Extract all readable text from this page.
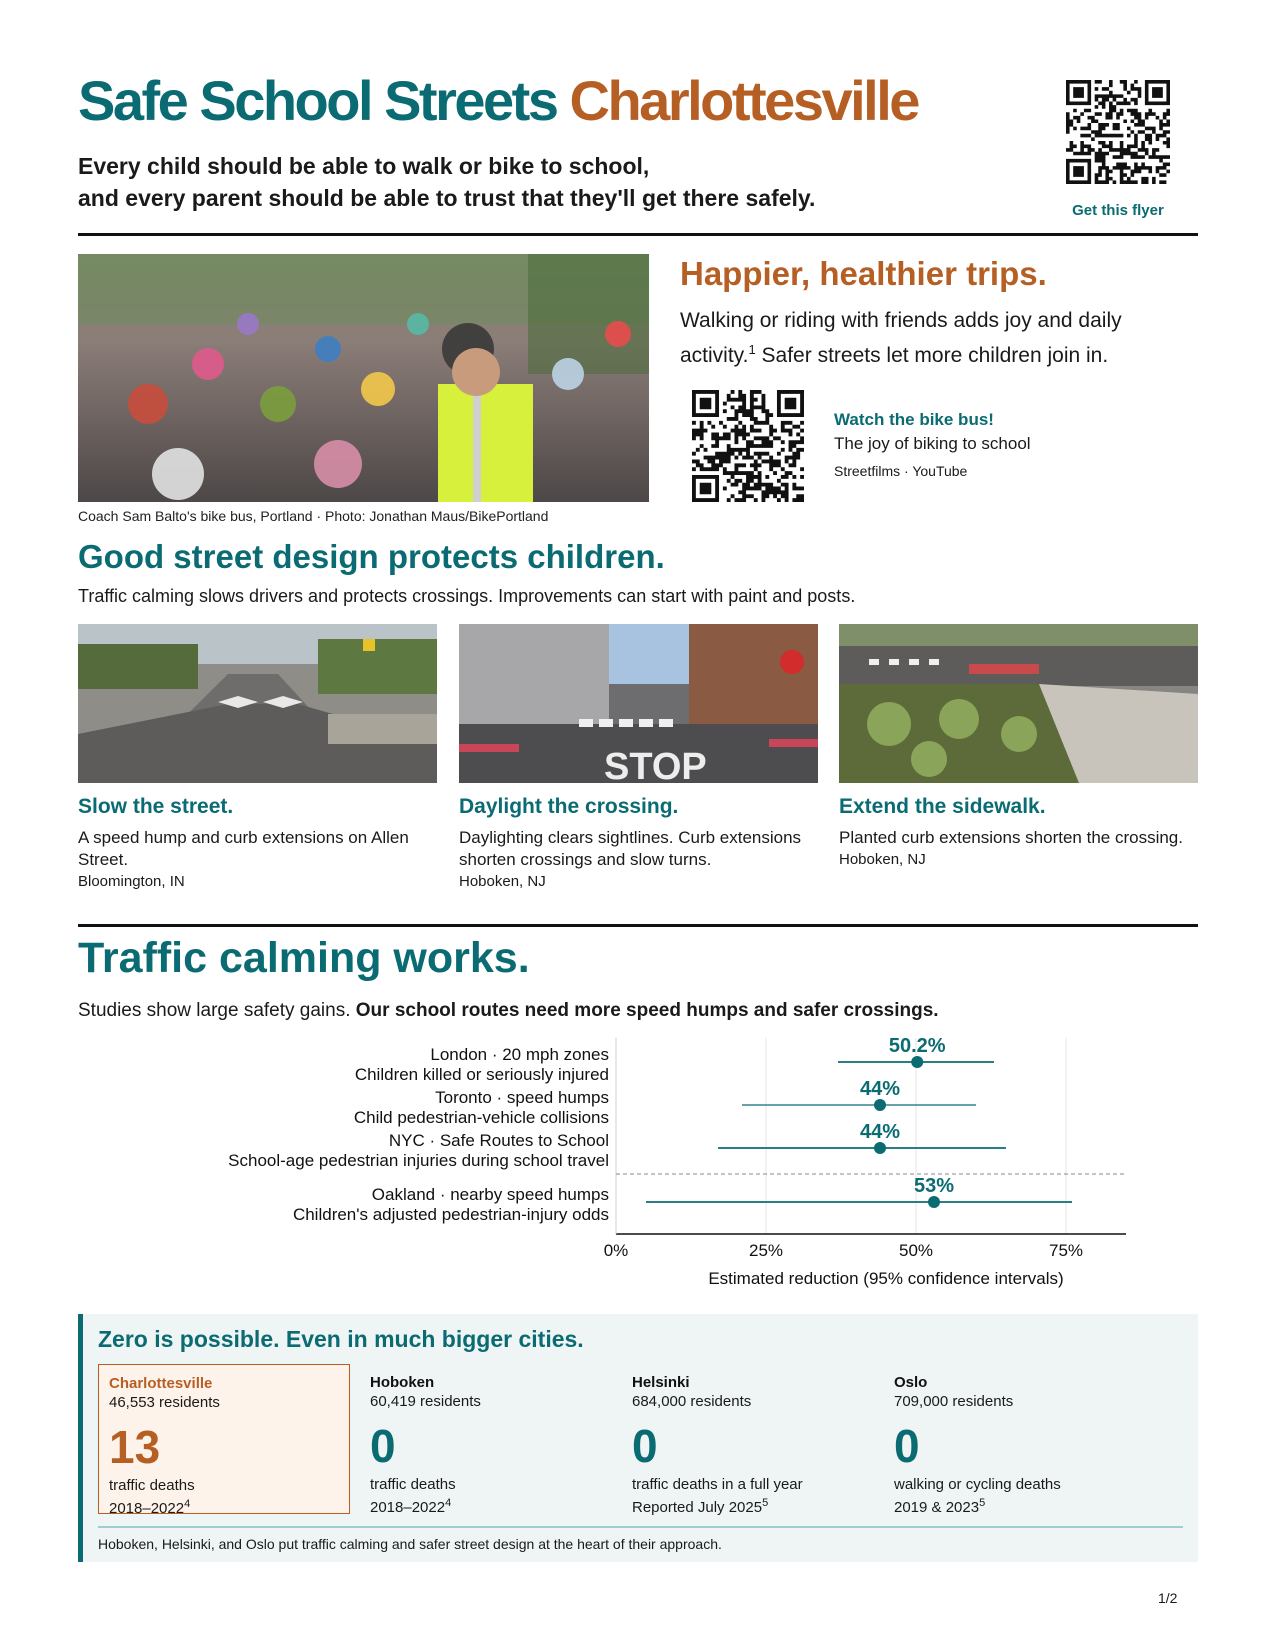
Safe School Streets Charlottesville
Every child should be able to walk or bike to school,
and every parent should be able to trust that they'll get there safely.	Get this flyer
Coach Sam Balto's bike bus, Portland · Photo: Jonathan Maus/BikePortland
Happier, healthier trips.
Walking or riding with friends adds joy and daily activity.$^1$ Safer streets let more children join in.
Watch the bike bus!
The joy of biking to school
Streetfilms · YouTube
Good street design protects children.
Traffic calming slows drivers and protects crossings. Improvements can start with paint and posts.
Slow the street.
A speed hump and curb extensions on Allen Street.
Bloomington, IN
STOP
Daylight the crossing.
Daylighting clears sightlines. Curb extensions shorten crossings and slow turns.
Hoboken, NJ
Extend the sidewalk.
Planted curb extensions shorten the crossing.
Hoboken, NJ
Traffic calming works.
Studies show large safety gains. Our school routes need more speed humps and safer crossings.
0%	25%	50%	75%
Estimated reduction (95% confidence intervals)
50.2%
London · 20 mph zones
Children killed or seriously injured
44%
Toronto · speed humps
Child pedestrian-vehicle collisions
44%
NYC · Safe Routes to School
School-age pedestrian injuries during school travel
53%
Oakland · nearby speed humps
Children's adjusted pedestrian-injury odds
Zero is possible. Even in much bigger cities.
Charlottesville
46,553 residents
13
traffic deaths
2018–2022$^4$
Hoboken
60,419 residents
0
traffic deaths
2018–2022$^4$
Helsinki
684,000 residents
0
traffic deaths in a full year
Reported July 2025$^5$
Oslo
709,000 residents
0
walking or cycling deaths
2019 & 2023$^5$
Hoboken, Helsinki, and Oslo put traffic calming and safer street design at the heart of their approach.
1/2
